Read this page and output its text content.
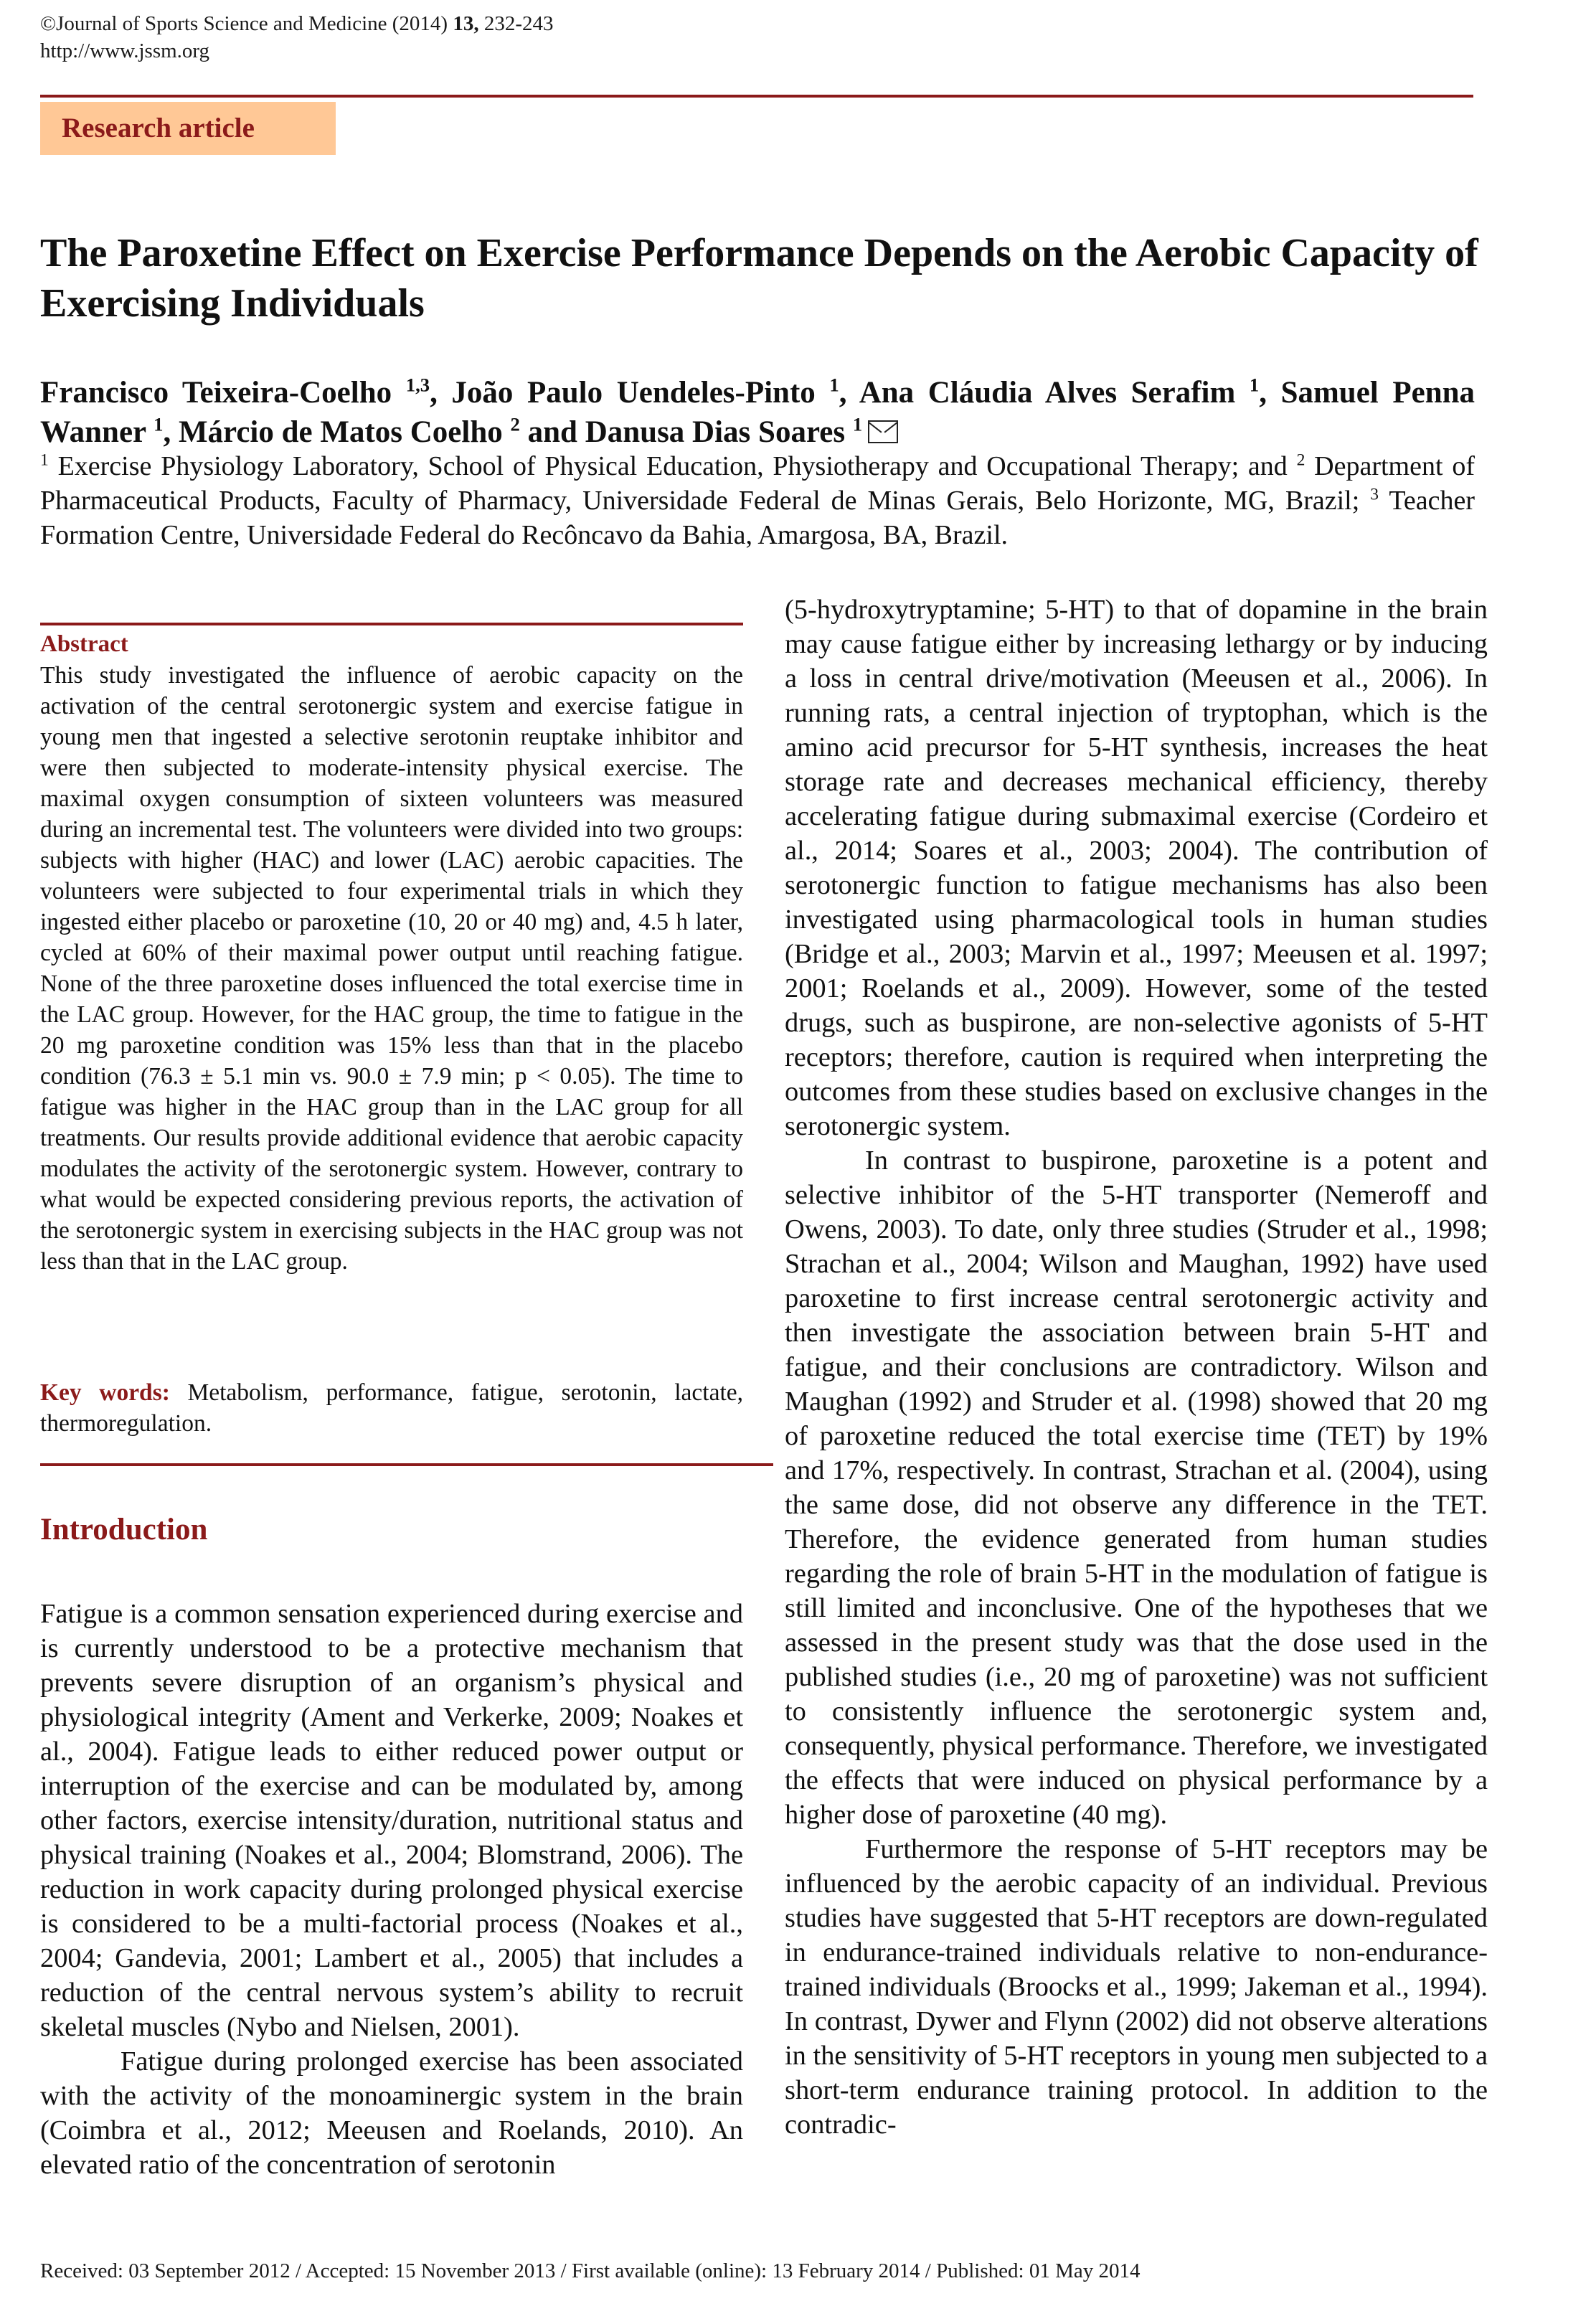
©Journal of Sports Science and Medicine (2014) 13, 232-243
http://www.jssm.org
Research article
The Paroxetine Effect on Exercise Performance Depends on the Aerobic Capacity of Exercising Individuals
Francisco Teixeira-Coelho $^{1,3}$, João Paulo Uendeles-Pinto $^1$, Ana Cláudia Alves Serafim $^1$, Samuel Penna Wanner $^1$, Márcio de Matos Coelho $^2$ and Danusa Dias Soares $^1$
$^1$ Exercise Physiology Laboratory, School of Physical Education, Physiotherapy and Occupational Therapy; and $^2$ Department of Pharmaceutical Products, Faculty of Pharmacy, Universidade Federal de Minas Gerais, Belo Horizonte, MG, Brazil; $^3$ Teacher Formation Centre, Universidade Federal do Recôncavo da Bahia, Amargosa, BA, Brazil.
Abstract

This study investigated the influence of aerobic capacity on the activation of the central serotonergic system and exercise fatigue in young men that ingested a selective serotonin reuptake inhibitor and were then subjected to moderate-intensity physical exercise. The maximal oxygen consumption of sixteen volunteers was measured during an incremental test. The volunteers were divided into two groups: subjects with higher (HAC) and lower (LAC) aerobic capacities. The volunteers were subjected to four experimental trials in which they ingested either placebo or paroxetine (10, 20 or 40 mg) and, 4.5 h later, cycled at 60% of their maximal power output until reaching fatigue. None of the three paroxetine doses influenced the total exercise time in the LAC group. However, for the HAC group, the time to fatigue in the 20 mg paroxetine condition was 15% less than that in the placebo condition (76.3 ± 5.1 min vs. 90.0 ± 7.9 min; p < 0.05). The time to fatigue was higher in the HAC group than in the LAC group for all treatments. Our results provide additional evidence that aerobic capacity modulates the activity of the serotonergic system. However, contrary to what would be expected considering previous reports, the activation of the serotonergic system in exercising subjects in the HAC group was not less than that in the LAC group.

Key words: Metabolism, performance, fatigue, serotonin, lactate, thermoregulation.

Introduction

Fatigue is a common sensation experienced during exercise and is currently understood to be a protective mechanism that prevents severe disruption of an organism’s physical and physiological integrity (Ament and Verkerke, 2009; Noakes et al., 2004). Fatigue leads to either reduced power output or interruption of the exercise and can be modulated by, among other factors, exercise intensity/duration, nutritional status and physical training (Noakes et al., 2004; Blomstrand, 2006). The reduction in work capacity during prolonged physical exercise is considered to be a multi-factorial process (Noakes et al., 2004; Gandevia, 2001; Lambert et al., 2005) that includes a reduction of the central nervous system’s ability to recruit skeletal muscles (Nybo and Nielsen, 2001).

Fatigue during prolonged exercise has been associated with the activity of the monoaminergic system in the brain (Coimbra et al., 2012; Meeusen and Roelands, 2010). An elevated ratio of the concentration of serotonin

(5-hydroxytryptamine; 5-HT) to that of dopamine in the brain may cause fatigue either by increasing lethargy or by inducing a loss in central drive/motivation (Meeusen et al., 2006). In running rats, a central injection of tryptophan, which is the amino acid precursor for 5-HT synthesis, increases the heat storage rate and decreases mechanical efficiency, thereby accelerating fatigue during submaximal exercise (Cordeiro et al., 2014; Soares et al., 2003; 2004). The contribution of serotonergic function to fatigue mechanisms has also been investigated using pharmacological tools in human studies (Bridge et al., 2003; Marvin et al., 1997; Meeusen et al. 1997; 2001; Roelands et al., 2009). However, some of the tested drugs, such as buspirone, are non-selective agonists of 5-HT receptors; therefore, caution is required when interpreting the outcomes from these studies based on exclusive changes in the serotonergic system.

In contrast to buspirone, paroxetine is a potent and selective inhibitor of the 5-HT transporter (Nemeroff and Owens, 2003). To date, only three studies (Struder et al., 1998; Strachan et al., 2004; Wilson and Maughan, 1992) have used paroxetine to first increase central serotonergic activity and then investigate the association between brain 5-HT and fatigue, and their conclusions are contradictory. Wilson and Maughan (1992) and Struder et al. (1998) showed that 20 mg of paroxetine reduced the total exercise time (TET) by 19% and 17%, respectively. In contrast, Strachan et al. (2004), using the same dose, did not observe any difference in the TET. Therefore, the evidence generated from human studies regarding the role of brain 5-HT in the modulation of fatigue is still limited and inconclusive. One of the hypotheses that we assessed in the present study was that the dose used in the published studies (i.e., 20 mg of paroxetine) was not sufficient to consistently influence the serotonergic system and, consequently, physical performance. Therefore, we investigated the effects that were induced on physical performance by a higher dose of paroxetine (40 mg).

Furthermore the response of 5-HT receptors may be influenced by the aerobic capacity of an individual. Previous studies have suggested that 5-HT receptors are down-regulated in endurance-trained individuals relative to non-endurance-trained individuals (Broocks et al., 1999; Jakeman et al., 1994). In contrast, Dywer and Flynn (2002) did not observe alterations in the sensitivity of 5-HT receptors in young men subjected to a short-term endurance training protocol. In addition to the contradic-

Received: 03 September 2012 / Accepted: 15 November 2013 / First available (online): 13 February 2014 / Published: 01 May 2014
